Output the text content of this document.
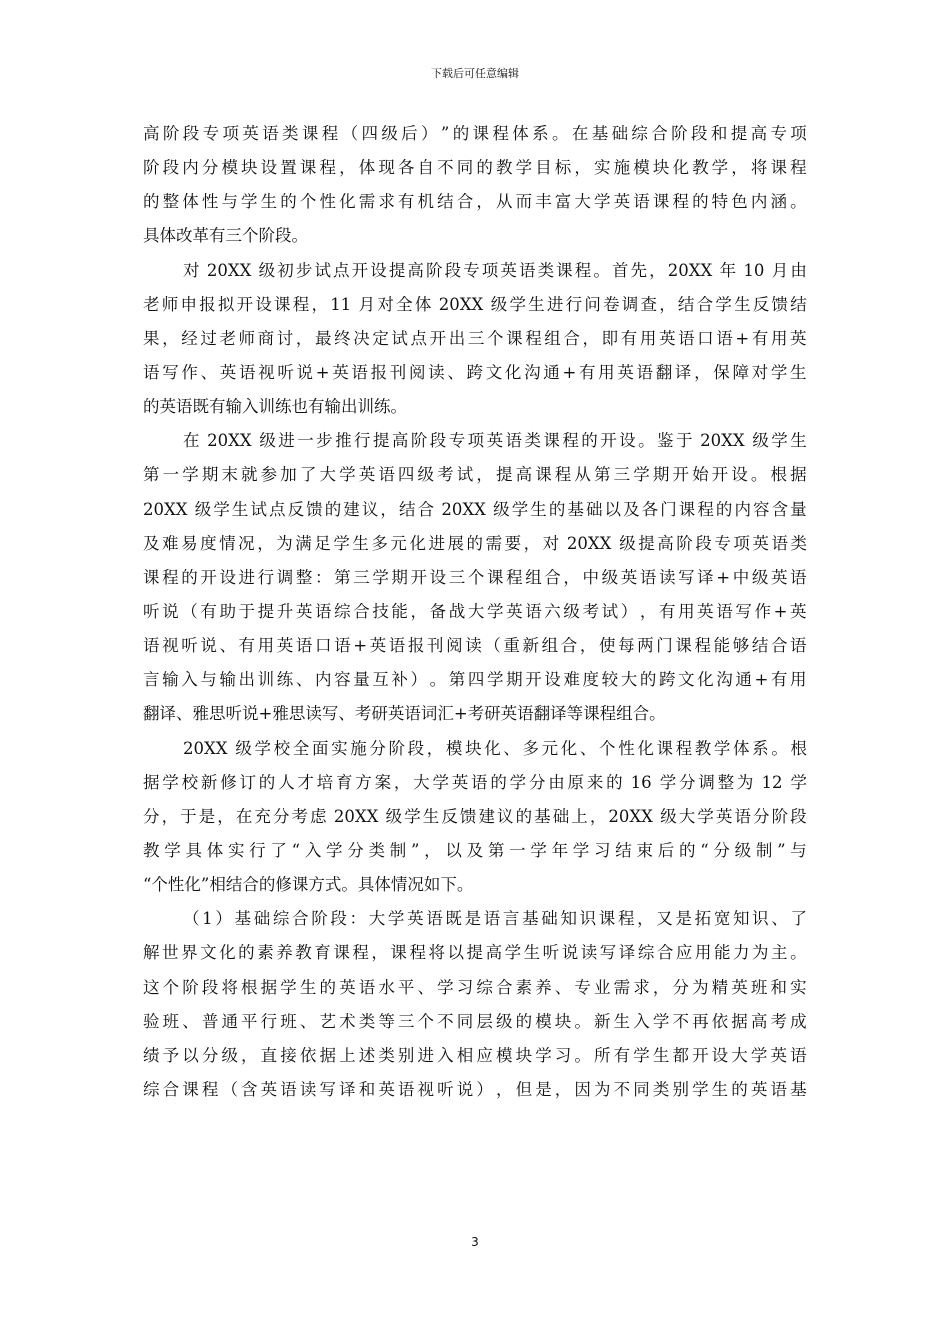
下载后可任意编辑
高 阶 段 专 项 英 语 类 课 程 （ 四 级 后 ） ” 的 课 程 体 系 。 在 基 础 综 合 阶 段 和 提 高 专 项
阶 段 内 分 模 块 设 置 课 程 ， 体 现 各 自 不 同 的 教 学 目 标 ， 实 施 模 块 化 教 学 ， 将 课 程
的 整 体 性 与 学 生 的 个 性 化 需 求 有 机 结 合 ， 从 而 丰 富 大 学 英 语 课 程 的 特 色 内 涵 。
具体改革有三个阶段。
对 20XX 级 初 步 试 点 开 设 提 高 阶 段 专 项 英 语 类 课 程 。 首 先 ， 20XX 年 10 月 由
老 师 申 报 拟 开 设 课 程 ， 11 月 对 全 体 20XX 级 学 生 进 行 问 卷 调 查 ， 结 合 学 生 反 馈 结
果 ， 经 过 老 师 商 讨 ， 最 终 决 定 试 点 开 出 三 个 课 程 组 合 ， 即 有 用 英 语 口 语 + 有 用 英
语 写 作 、 英 语 视 听 说 + 英 语 报 刊 阅 读 、 跨 文 化 沟 通 + 有 用 英 语 翻 译 ， 保 障 对 学 生
的英语既有输入训练也有输出训练。
在 20XX 级 进 一 步 推 行 提 高 阶 段 专 项 英 语 类 课 程 的 开 设 。 鉴 于 20XX 级 学 生
第 一 学 期 末 就 参 加 了 大 学 英 语 四 级 考 试 ， 提 高 课 程 从 第 三 学 期 开 始 开 设 。 根 据
20XX 级 学 生 试 点 反 馈 的 建 议 ， 结 合 20XX 级 学 生 的 基 础 以 及 各 门 课 程 的 内 容 含 量
及 难 易 度 情 况 ， 为 满 足 学 生 多 元 化 进 展 的 需 要 ， 对 20XX 级 提 高 阶 段 专 项 英 语 类
课 程 的 开 设 进 行 调 整 ： 第 三 学 期 开 设 三 个 课 程 组 合 ， 中 级 英 语 读 写 译 + 中 级 英 语
听 说 （ 有 助 于 提 升 英 语 综 合 技 能 ， 备 战 大 学 英 语 六 级 考 试 ） ， 有 用 英 语 写 作 + 英
语 视 听 说 、 有 用 英 语 口 语 + 英 语 报 刊 阅 读 （ 重 新 组 合 ， 使 每 两 门 课 程 能 够 结 合 语
言 输 入 与 输 出 训 练 、 内 容 量 互 补 ） 。 第 四 学 期 开 设 难 度 较 大 的 跨 文 化 沟 通 + 有 用
翻译、雅思听说+雅思读写、考研英语词汇+考研英语翻译等课程组合。
20XX 级 学 校 全 面 实 施 分 阶 段 ， 模 块 化 、 多 元 化 、 个 性 化 课 程 教 学 体 系 。 根
据 学 校 新 修 订 的 人 才 培 育 方 案 ， 大 学 英 语 的 学 分 由 原 来 的 16 学 分 调 整 为 12 学
分 ， 于 是 ， 在 充 分 考 虑 20XX 级 学 生 反 馈 建 议 的 基 础 上 ， 20XX 级 大 学 英 语 分 阶 段
教 学 具 体 实 行 了 “ 入 学 分 类 制 ” ， 以 及 第 一 学 年 学 习 结 束 后 的 “ 分 级 制 ” 与
“个性化”相结合的修课方式。具体情况如下。
（ 1 ） 基 础 综 合 阶 段 ： 大 学 英 语 既 是 语 言 基 础 知 识 课 程 ， 又 是 拓 宽 知 识 、 了
解 世 界 文 化 的 素 养 教 育 课 程 ， 课 程 将 以 提 高 学 生 听 说 读 写 译 综 合 应 用 能 力 为 主 。
这 个 阶 段 将 根 据 学 生 的 英 语 水 平 、 学 习 综 合 素 养 、 专 业 需 求 ， 分 为 精 英 班 和 实
验 班 、 普 通 平 行 班 、 艺 术 类 等 三 个 不 同 层 级 的 模 块 。 新 生 入 学 不 再 依 据 高 考 成
绩 予 以 分 级 ， 直 接 依 据 上 述 类 别 进 入 相 应 模 块 学 习 。 所 有 学 生 都 开 设 大 学 英 语
综 合 课 程 （ 含 英 语 读 写 译 和 英 语 视 听 说 ） ， 但 是 ， 因 为 不 同 类 别 学 生 的 英 语 基
3
